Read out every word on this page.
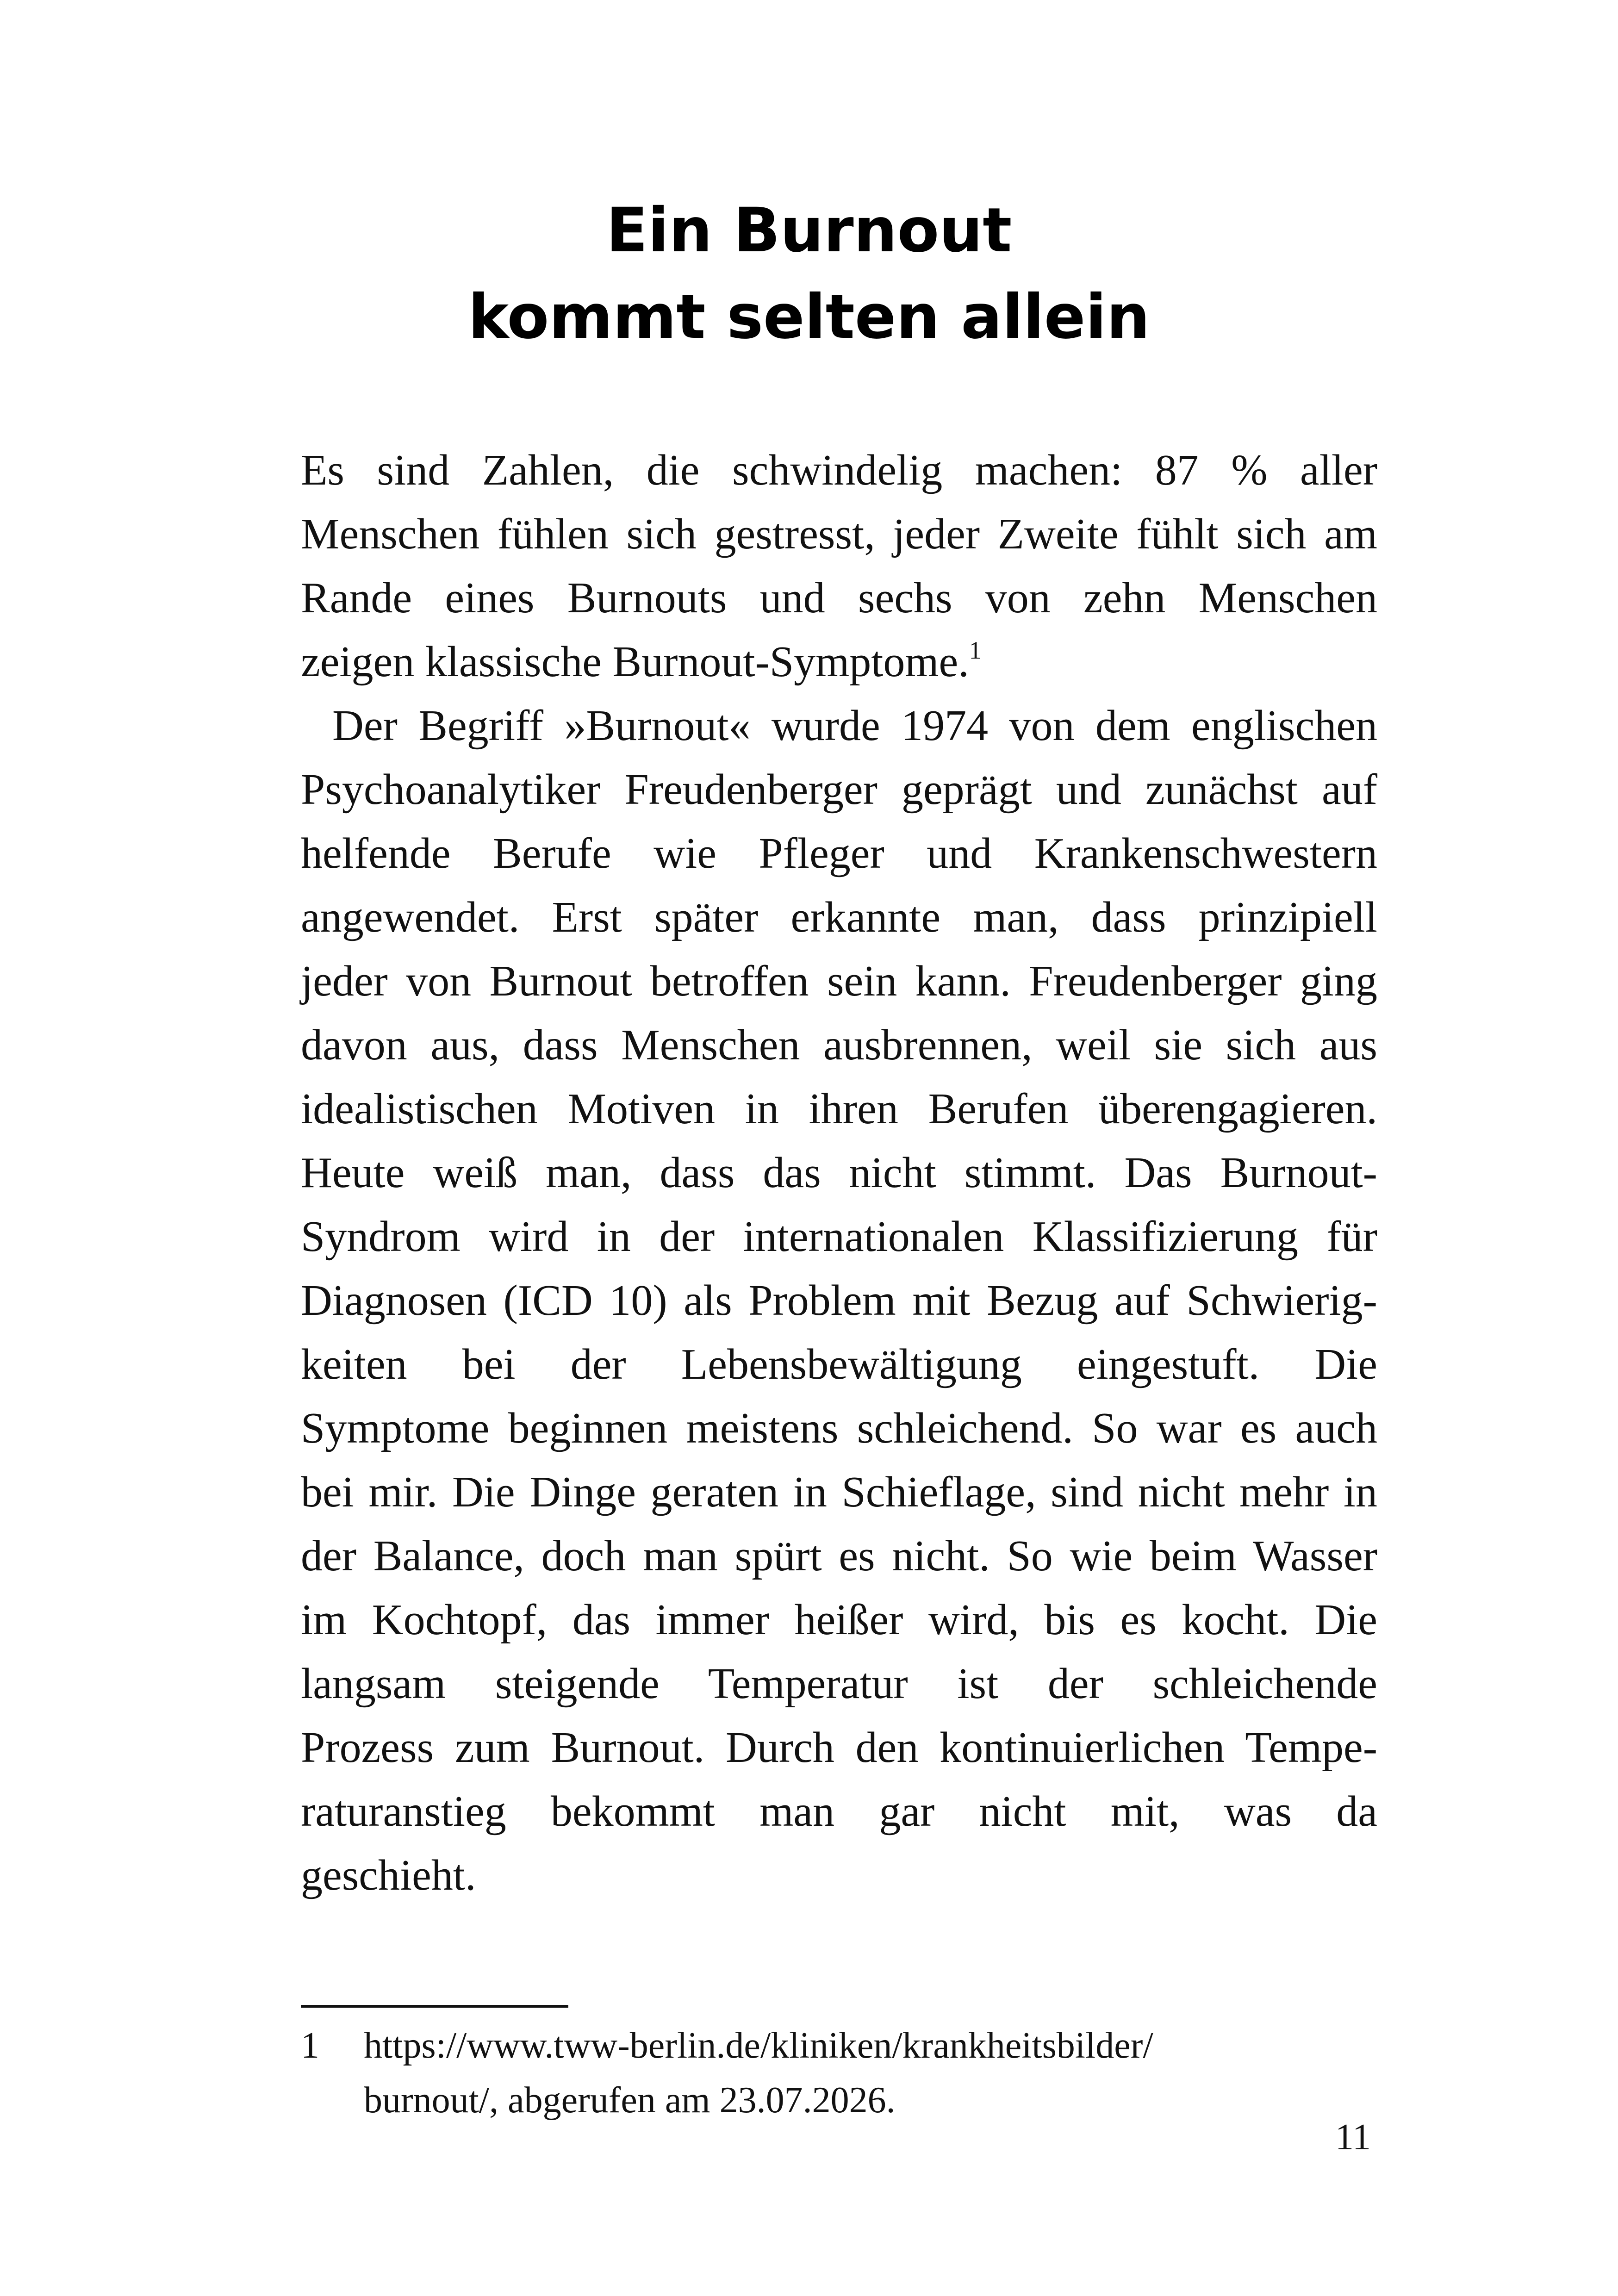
Ein Burnout
kommt selten allein
Es sind Zahlen, die schwindelig machen: 87 % aller
Menschen fühlen sich gestresst, jeder Zweite fühlt sich am
Rande eines Burnouts und sechs von zehn Menschen
zeigen klassische Burnout-Symptome.$^1$
Der Begriff »Burnout« wurde 1974 von dem englischen
Psychoanalytiker Freudenberger geprägt und zunächst auf
helfende Berufe wie Pfleger und Krankenschwestern
angewendet. Erst später erkannte man, dass prinzipiell
jeder von Burnout betroffen sein kann. Freudenberger ging
davon aus, dass Menschen ausbrennen, weil sie sich aus
idealistischen Motiven in ihren Berufen überengagieren.
Heute weiß man, dass das nicht stimmt. Das Burnout-
Syndrom wird in der internationalen Klassifizierung für
Diagnosen (ICD 10) als Problem mit Bezug auf Schwierig-
keiten bei der Lebensbewältigung eingestuft. Die
Symptome beginnen meistens schleichend. So war es auch
bei mir. Die Dinge geraten in Schieflage, sind nicht mehr in
der Balance, doch man spürt es nicht. So wie beim Wasser
im Kochtopf, das immer heißer wird, bis es kocht. Die
langsam steigende Temperatur ist der schleichende
Prozess zum Burnout. Durch den kontinuierlichen Tempe-
raturanstieg bekommt man gar nicht mit, was da
geschieht.
1 https://www.tww-berlin.de/kliniken/krankheitsbilder/
burnout/, abgerufen am 23.07.2026.
11
